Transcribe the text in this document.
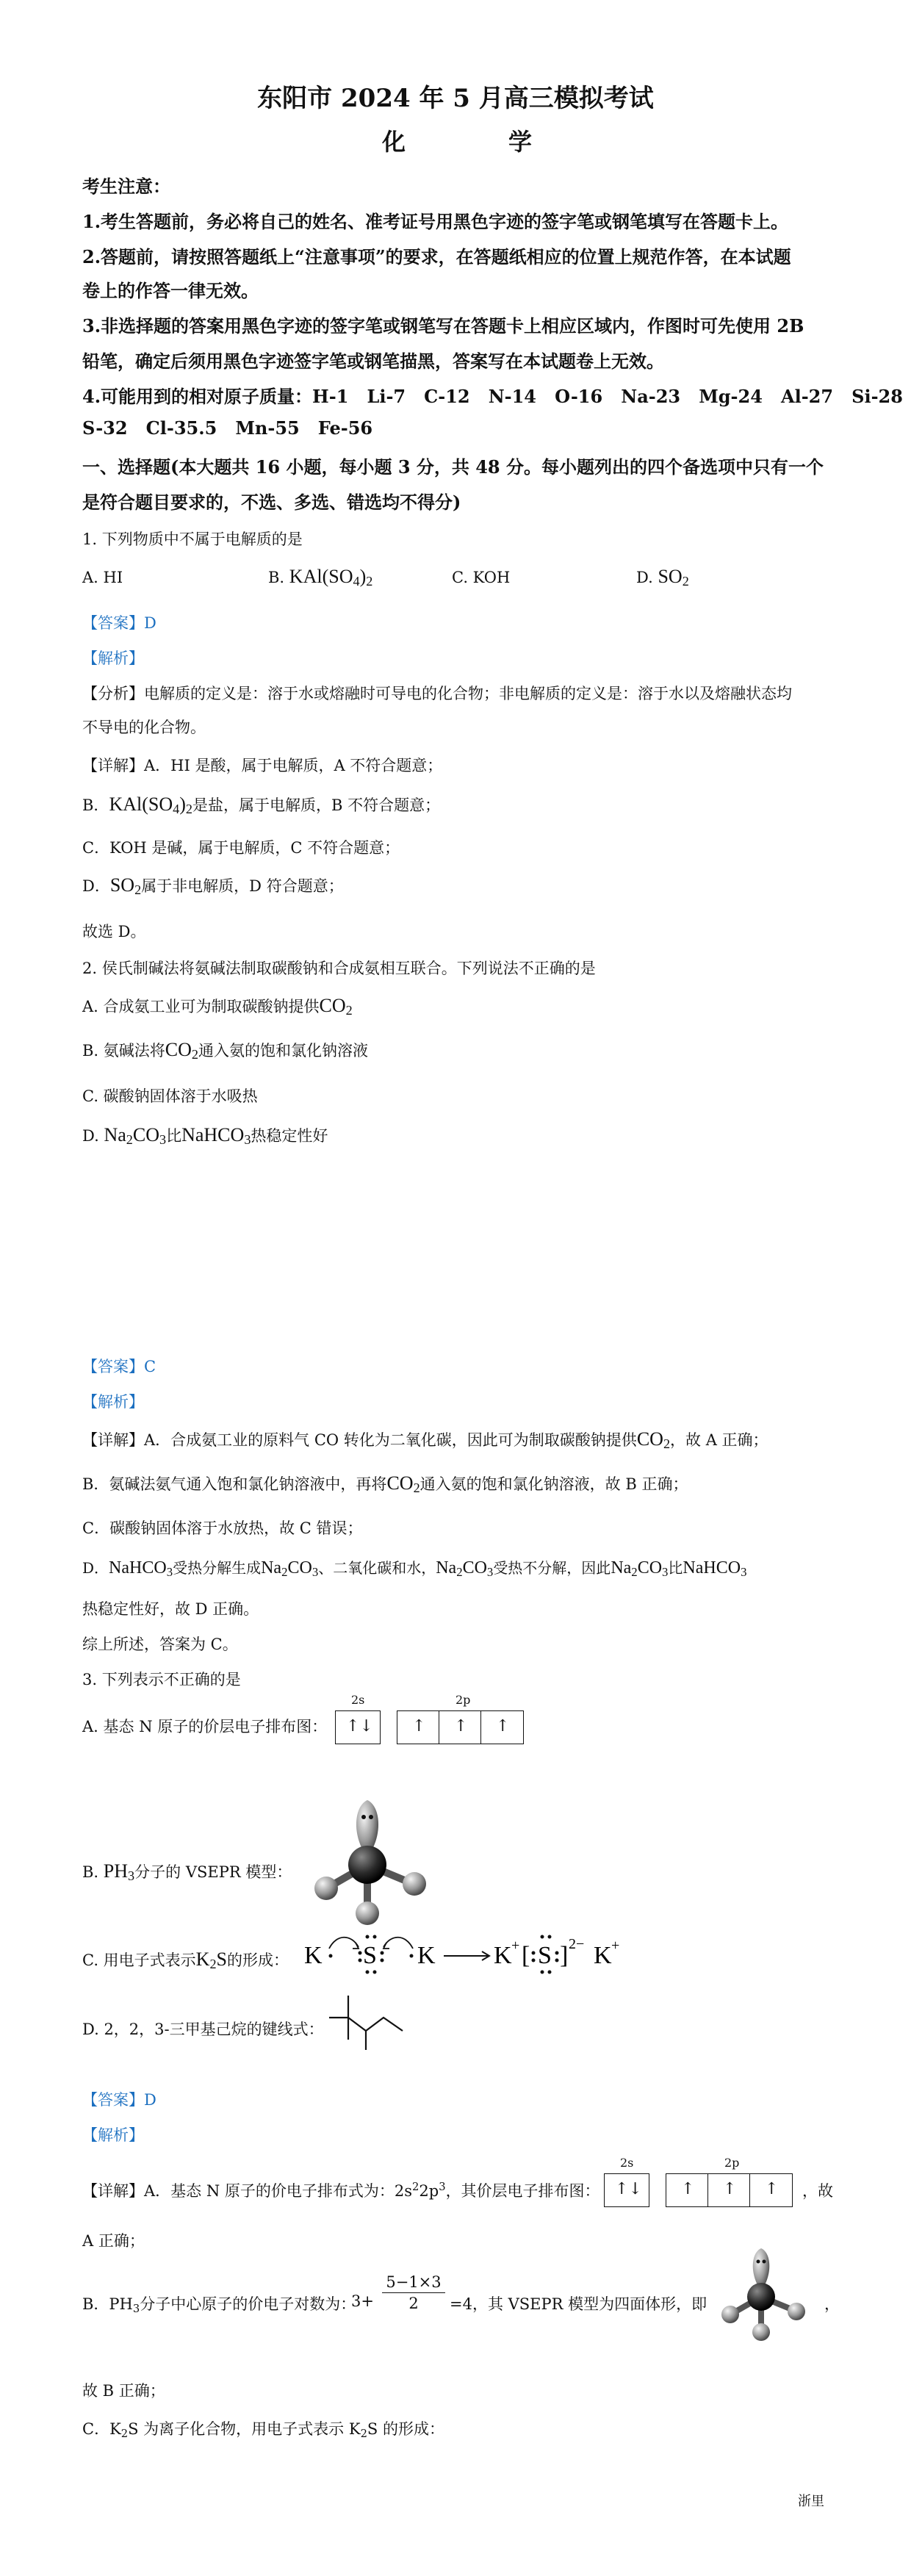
东阳市 2024 年 5 月高三模拟考试
化	学
考生注意：
1.考生答题前，务必将自己的姓名、准考证号用黑色字迹的签字笔或钢笔填写在答题卡上。
2.答题前，请按照答题纸上“注意事项”的要求，在答题纸相应的位置上规范作答，在本试题
卷上的作答一律无效。
3.非选择题的答案用黑色字迹的签字笔或钢笔写在答题卡上相应区域内，作图时可先使用 2B
铅笔，确定后须用黑色字迹签字笔或钢笔描黑，答案写在本试题卷上无效。
4.可能用到的相对原子质量：H-1   Li-7   C-12   N-14   O-16   Na-23   Mg-24   Al-27   Si-28
S-32   Cl-35.5   Mn-55   Fe-56
一、选择题(本大题共 16 小题，每小题 3 分，共 48 分。每小题列出的四个备选项中只有一个
是符合题目要求的，不选、多选、错选均不得分)
1. 下列物质中不属于电解质的是
A. HI	B. $KAl(SO_4)_2$	C. KOH	D. $SO_2$
【答案】D
【解析】
【分析】电解质的定义是：溶于水或熔融时可导电的化合物；非电解质的定义是：溶于水以及熔融状态均
不导电的化合物。
【详解】A．HI 是酸，属于电解质，A 不符合题意；
B．$KAl(SO_4)_2$是盐，属于电解质，B 不符合题意；
C．KOH 是碱，属于电解质，C 不符合题意；
D．$SO_2$属于非电解质，D 符合题意；
故选 D。
2. 侯氏制碱法将氨碱法制取碳酸钠和合成氨相互联合。下列说法不正确的是
A. 合成氨工业可为制取碳酸钠提供$CO_2$
B. 氨碱法将$CO_2$通入氨的饱和氯化钠溶液
C. 碳酸钠固体溶于水吸热
D. $Na_2CO_3$比NaHCO$_3$热稳定性好
【答案】C
【解析】
【详解】A．合成氨工业的原料气 CO 转化为二氧化碳，因此可为制取碳酸钠提供$CO_2$，故 A 正确；
B．氨碱法氨气通入饱和氯化钠溶液中，再将$CO_2$通入氨的饱和氯化钠溶液，故 B 正确；
C．碳酸钠固体溶于水放热，故 C 错误；
D．NaHCO$_3$受热分解生成$Na_2CO_3$、二氧化碳和水，$Na_2CO_3$受热不分解，因此$Na_2CO_3$比NaHCO$_3$
热稳定性好，故 D 正确。
综上所述，答案为 C。
3. 下列表示不正确的是
A. 基态 N 原子的价层电子排布图：
2s	2p
↑↓ ↑ ↑ ↑
B. $PH_3$分子的 VSEPR 模型：
C. 用电子式表示$K_2S$的形成： K S K K + [ S ] 2− K +
D. 2，2，3-三甲基己烷的键线式：
【答案】D
【解析】
【详解】A．基态 N 原子的价电子排布式为：$2s^22p^3$，其价层电子排布图：
2s	2p
↑↓ ↑ ↑ ↑ ，故
A 正确；
B．$PH_3$分子中心原子的价电子对数为：
3+
5−1×3
2	=4，其 VSEPR 模型为四面体形，即	，
故 B 正确；
C．$K_2S$ 为离子化合物，用电子式表示 $K_2S$ 的形成：
浙里
